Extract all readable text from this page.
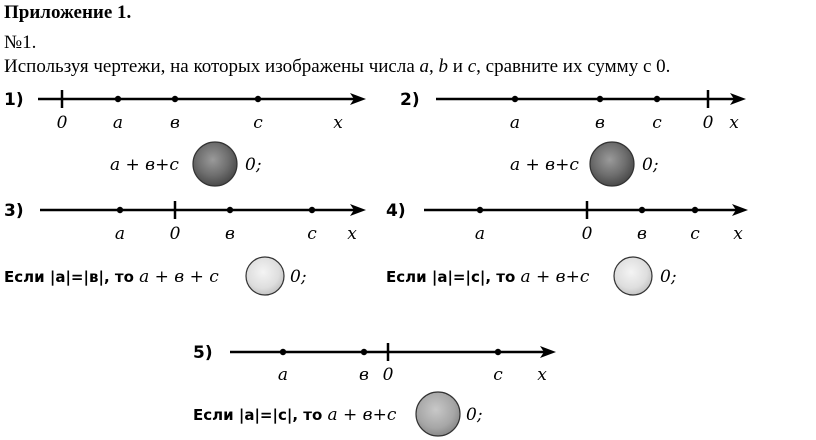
Приложение 1.
№1.
Используя чертежи, на которых изображены числа a, b и c, сравните их сумму с 0.
1)
0	а	в	с	x
а + в+с	0;
2)
а	в	с 0 x
а + в+с	0;
3)
а	0	в	с x
Если |а|=|в|, то а + в + с	0;
4)
а	0	в	с x
Если |а|=|с|, то а + в+с	0;
5)
а	в 0	с x
Если |а|=|с|, то а + в+с	0;
